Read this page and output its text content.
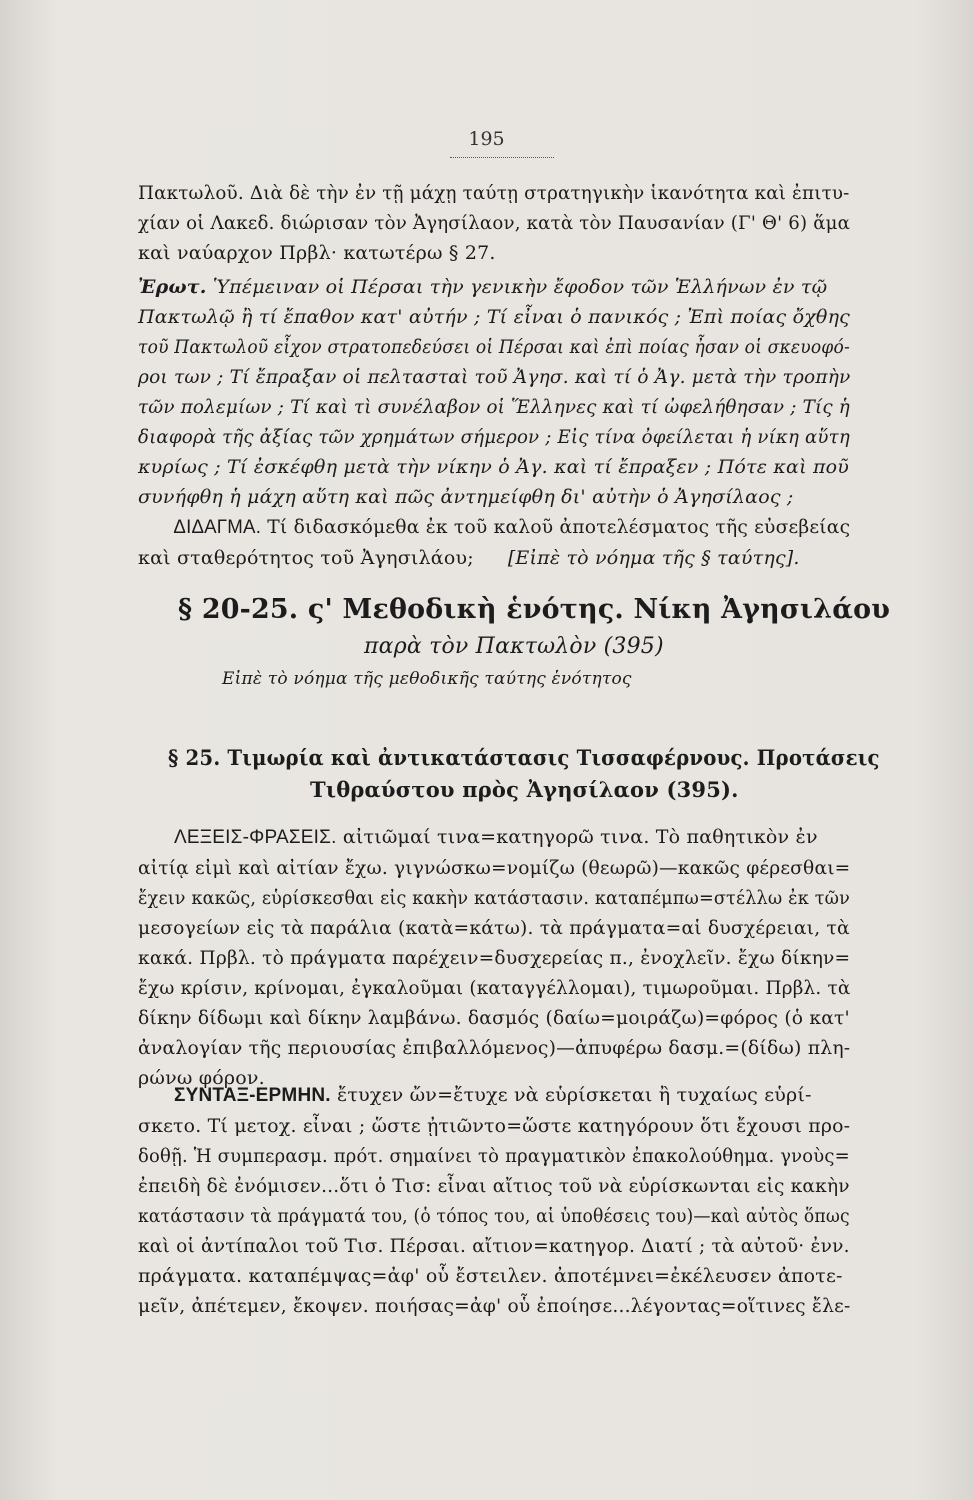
195
Πακτωλοῦ. Διὰ δὲ τὴν ἐν τῇ μάχῃ ταύτῃ στρατηγικὴν ἱκανότητα καὶ ἐπιτυ-
χίαν οἱ Λακεδ. διώρισαν τὸν Ἀγησίλαον, κατὰ τὸν Παυσανίαν (Γ' Θ' 6) ἅμα
καὶ ναύαρχον Πρβλ· κατωτέρω § 27.
Ἐρωτ. Ὑπέμειναν οἱ Πέρσαι τὴν γενικὴν ἔφοδον τῶν Ἑλλήνων ἐν τῷ
Πακτωλῷ ἢ τί ἔπαθον κατ' αὐτήν ; Τί εἶναι ὁ πανικός ; Ἐπὶ ποίας ὄχθης
τοῦ Πακτωλοῦ εἶχον στρατοπεδεύσει οἱ Πέρσαι καὶ ἐπὶ ποίας ἦσαν οἱ σκευοφό-
ροι των ; Τί ἔπραξαν οἱ πελτασταὶ τοῦ Ἀγησ. καὶ τί ὁ Ἀγ. μετὰ τὴν τροπὴν
τῶν πολεμίων ; Τί καὶ τὶ συνέλαβον οἱ Ἕλληνες καὶ τί ὠφελήθησαν ; Τίς ἡ
διαφορὰ τῆς ἀξίας τῶν χρημάτων σήμερον ; Εἰς τίνα ὀφείλεται ἡ νίκη αὕτη
κυρίως ; Τί ἐσκέφθη μετὰ τὴν νίκην ὁ Ἀγ. καὶ τί ἔπραξεν ; Πότε καὶ ποῦ
συνήφθη ἡ μάχη αὕτη καὶ πῶς ἀντημείφθη δι' αὐτὴν ὁ Ἀγησίλαος ;
ΔΙΔΑΓΜΑ. Τί διδασκόμεθα ἐκ τοῦ καλοῦ ἀποτελέσματος τῆς εὐσεβείας
καὶ σταθερότητος τοῦ Ἀγησιλάου; [Εἰπὲ τὸ νόημα τῆς § ταύτης].
§ 20-25. ς' Μεθοδικὴ ἑνότης. Νίκη Ἀγησιλάου
παρὰ τὸν Πακτωλὸν (395)
Εἰπὲ τὸ νόημα τῆς μεθοδικῆς ταύτης ἑνότητος
§ 25. Τιμωρία καὶ ἀντικατάστασις Τισσαφέρνους. Προτάσεις
Τιθραύστου πρὸς Ἀγησίλαον (395).
ΛΕΞΕΙΣ-ΦΡΑΣΕΙΣ. αἰτιῶμαί τινα=κατηγορῶ τινα. Τὸ παθητικὸν ἐν
αἰτίᾳ εἰμὶ καὶ αἰτίαν ἔχω. γιγνώσκω=νομίζω (θεωρῶ)—κακῶς φέρεσθαι=
ἔχειν κακῶς, εὑρίσκεσθαι εἰς κακὴν κατάστασιν. καταπέμπω=στέλλω ἐκ τῶν
μεσογείων εἰς τὰ παράλια (κατὰ=κάτω). τὰ πράγματα=αἱ δυσχέρειαι, τὰ
κακά. Πρβλ. τὸ πράγματα παρέχειν=δυσχερείας π., ἐνοχλεῖν. ἔχω δίκην=
ἔχω κρίσιν, κρίνομαι, ἐγκαλοῦμαι (καταγγέλλομαι), τιμωροῦμαι. Πρβλ. τὰ
δίκην δίδωμι καὶ δίκην λαμβάνω. δασμός (δαίω=μοιράζω)=φόρος (ὁ κατ'
ἀναλογίαν τῆς περιουσίας ἐπιβαλλόμενος)—ἀπυφέρω δασμ.=(δίδω) πλη-
ρώνω φόρον.
ΣΥΝΤΑΞ-ΕΡΜΗΝ. ἔτυχεν ὤν=ἔτυχε νὰ εὑρίσκεται ἢ τυχαίως εὑρί-
σκετο. Τί μετοχ. εἶναι ; ὥστε ᾐτιῶντο=ὥστε κατηγόρουν ὅτι ἔχουσι προ-
δοθῇ. Ἡ συμπερασμ. πρότ. σημαίνει τὸ πραγματικὸν ἐπακολούθημα. γνοὺς=
ἐπειδὴ δὲ ἐνόμισεν...ὅτι ὁ Τισ: εἶναι αἴτιος τοῦ νὰ εὑρίσκωνται εἰς κακὴν
κατάστασιν τὰ πράγματά του, (ὁ τόπος του, αἱ ὑποθέσεις του)—καὶ αὐτὸς ὅπως
καὶ οἱ ἀντίπαλοι τοῦ Τισ. Πέρσαι. αἴτιον=κατηγορ. Διατί ; τὰ αὐτοῦ· ἐνν.
πράγματα. καταπέμψας=ἀφ' οὗ ἔστειλεν. ἀποτέμνει=ἐκέλευσεν ἀποτε-
μεῖν, ἀπέτεμεν, ἔκοψεν. ποιήσας=ἀφ' οὗ ἐποίησε...λέγοντας=οἵτινες ἔλε-
